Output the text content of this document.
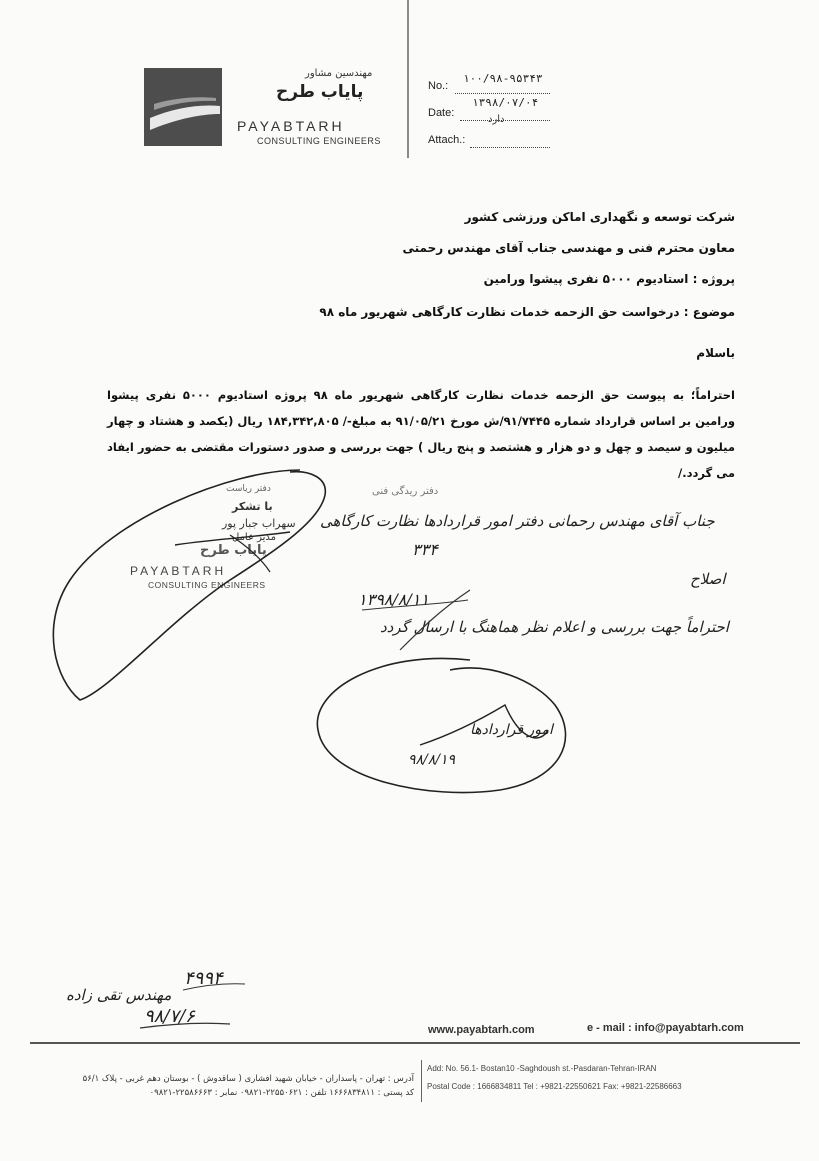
مهندسین مشاور
پایاب طرح
PAYABTARH
CONSULTING ENGINEERS
No.:
۱۰۰/۹۸-۹۵۳۴۳
Date:
۱۳۹۸/۰۷/۰۴
دارد
Attach.:
شرکت توسعه و نگهداری اماکن ورزشی کشور
معاون محترم فنی و مهندسی جناب آقای مهندس رحمتی
پروژه : استادیوم ۵۰۰۰ نفری پیشوا ورامین
موضوع : درخواست حق الزحمه خدمات نظارت کارگاهی شهریور ماه ۹۸
باسلام
احتراماً؛ به پیوست حق الزحمه خدمات نظارت کارگاهی شهریور ماه ۹۸ پروژه استادیوم ۵۰۰۰ نفری پیشوا ورامین بر اساس قرارداد شماره ۹۱/۷۴۴۵/ش مورخ ۹۱/۰۵/۲۱ به مبلغ-/ ۱۸۴,۳۴۲,۸۰۵ ریال (یکصد و هشتاد و چهار میلیون و سیصد و چهل و دو هزار و هشتصد و پنج ریال ) جهت بررسی و صدور دستورات مقتضی به حضور ایفاد می گردد./
با تشکر
سهراب جبار پور
مدیر عامل
پایاب طرح
PAYABTARH
CONSULTING ENGINEERS
دفتر ریاست	دفتر ریدگی فنی
جناب آقای مهندس رحمانی دفتر امور قراردادها نظارت کارگاهی
۳۳۴
اصلاح
۱۳۹۸/۸/۱۱
احتراماً جهت بررسی و اعلام نظر هماهنگ با ارسال گردد
امور قراردادها
۹۸/۸/۱۹
۴۹۹۴
مهندس تقی زاده
۹۸/۷/۶
www.payabtarh.com	e - mail : info@payabtarh.com
Add: No. 56.1- Bostan10 -Saghdoush st.-Pasdaran-Tehran-IRAN
Postal Code : 1666834811 Tel : +9821-22550621 Fax: +9821-22586663
آدرس : تهران - پاسداران - خیابان شهید افشاری ( ساقدوش ) - بوستان دهم غربی - پلاک ۵۶/۱
کد پستی : ۱۶۶۶۸۳۴۸۱۱ تلفن : ۲۲۵۵۰۶۲۱-۰۹۸۲۱ نمابر : ۲۲۵۸۶۶۶۳-۰۹۸۲۱
